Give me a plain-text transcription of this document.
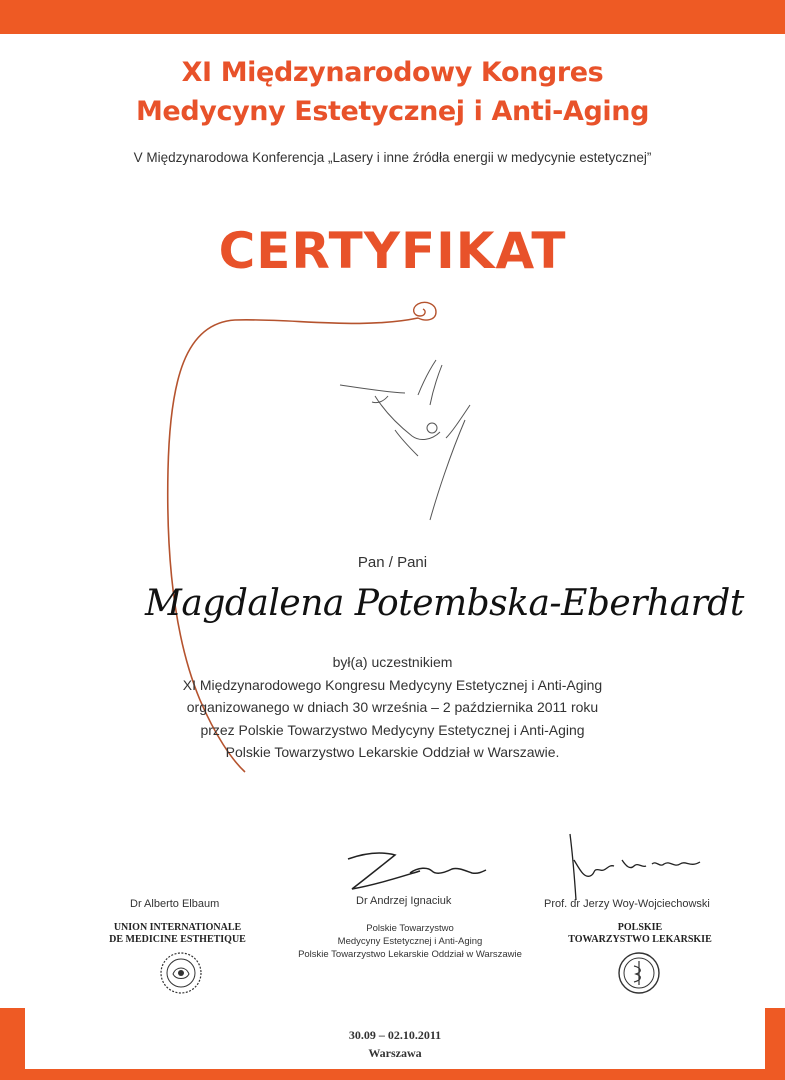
XI Międzynarodowy Kongres
Medycyny Estetycznej i Anti-Aging
V Międzynarodowa Konferencja „Lasery i inne źródła energii w medycynie estetycznej”
CERTYFIKAT
Pan / Pani
Magdalena Potembska-Eberhardt
był(a) uczestnikiem
XI Międzynarodowego Kongresu Medycyny Estetycznej i Anti-Aging
organizowanego w dniach 30 września – 2 października 2011 roku
przez Polskie Towarzystwo Medycyny Estetycznej i Anti-Aging
Polskie Towarzystwo Lekarskie Oddział w Warszawie.
Dr Alberto Elbaum
UNION INTERNATIONALE
DE MEDICINE ESTHETIQUE
Dr Andrzej Ignaciuk
Polskie Towarzystwo
Medycyny Estetycznej i Anti-Aging
Polskie Towarzystwo Lekarskie Oddział w Warszawie
Prof. dr Jerzy Woy-Wojciechowski
POLSKIE
TOWARZYSTWO LEKARSKIE
30.09 – 02.10.2011
Warszawa
